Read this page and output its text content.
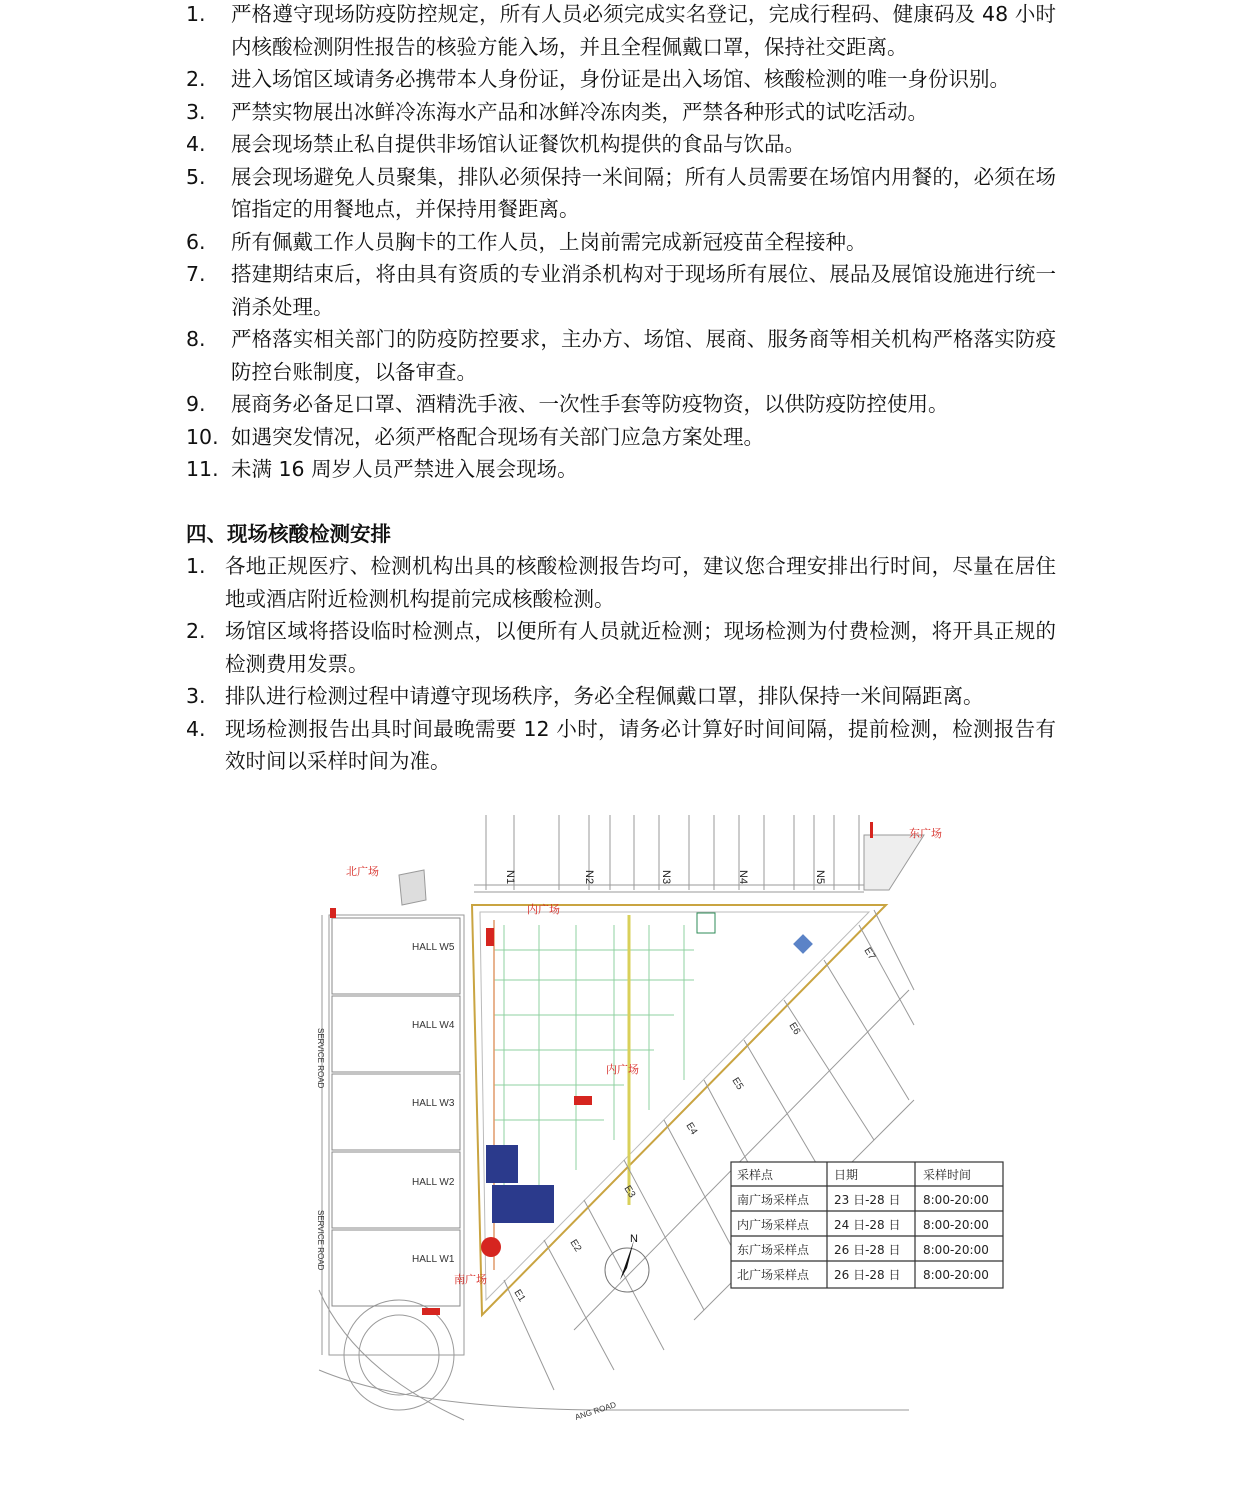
1. 严格遵守现场防疫防控规定，所有人员必须完成实名登记，完成行程码、健康码及 48 小时内核酸检测阴性报告的核验方能入场，并且全程佩戴口罩，保持社交距离。
2. 进入场馆区域请务必携带本人身份证，身份证是出入场馆、核酸检测的唯一身份识别。
3. 严禁实物展出冰鲜冷冻海水产品和冰鲜冷冻肉类，严禁各种形式的试吃活动。
4. 展会现场禁止私自提供非场馆认证餐饮机构提供的食品与饮品。
5. 展会现场避免人员聚集，排队必须保持一米间隔；所有人员需要在场馆内用餐的，必须在场馆指定的用餐地点，并保持用餐距离。
6. 所有佩戴工作人员胸卡的工作人员，上岗前需完成新冠疫苗全程接种。
7. 搭建期结束后，将由具有资质的专业消杀机构对于现场所有展位、展品及展馆设施进行统一消杀处理。
8. 严格落实相关部门的防疫防控要求，主办方、场馆、展商、服务商等相关机构严格落实防疫防控台账制度，以备审查。
9. 展商务必备足口罩、酒精洗手液、一次性手套等防疫物资，以供防疫防控使用。
10. 如遇突发情况，必须严格配合现场有关部门应急方案处理。
11. 未满 16 周岁人员严禁进入展会现场。
四、现场核酸检测安排
1. 各地正规医疗、检测机构出具的核酸检测报告均可，建议您合理安排出行时间，尽量在居住地或酒店附近检测机构提前完成核酸检测。
2. 场馆区域将搭设临时检测点，以便所有人员就近检测；现场检测为付费检测，将开具正规的检测费用发票。
3. 排队进行检测过程中请遵守现场秩序，务必全程佩戴口罩，排队保持一米间隔距离。
4. 现场检测报告出具时间最晚需要 12 小时，请务必计算好时间间隔，提前检测，检测报告有效时间以采样时间为准。
N1	N2	N3	N4	N5
HALL W5
HALL W4
HALL W3
HALL W2
HALL W1
SERVICE ROAD
SERVICE ROAD
ANG ROAD
E7
E6
E5
E4
E3
E2
E1
北广场
东广场
内广场
内广场
南广场
N
采样点	日期	采样时间
南广场采样点 23 日-28 日 8:00-20:00
内广场采样点 24 日-28 日 8:00-20:00
东广场采样点 26 日-28 日 8:00-20:00
北广场采样点 26 日-28 日 8:00-20:00
